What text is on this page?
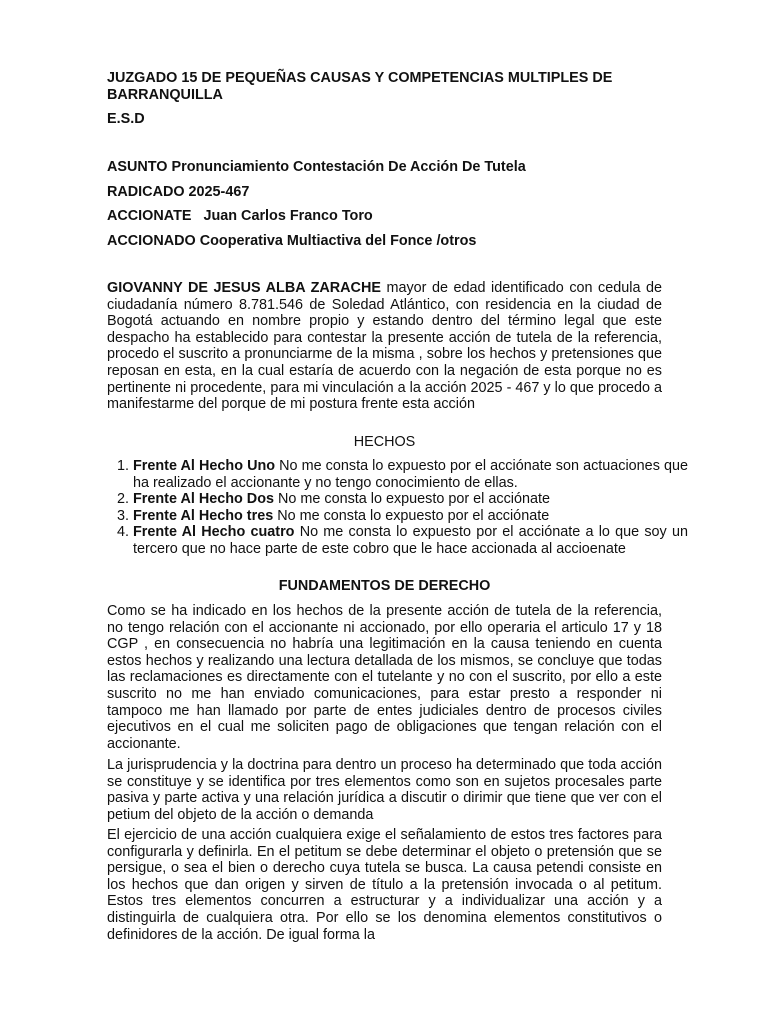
JUZGADO 15 DE PEQUEÑAS CAUSAS Y COMPETENCIAS MULTIPLES DE BARRANQUILLA
E.S.D
ASUNTO Pronunciamiento Contestación De Acción De Tutela
RADICADO 2025-467
ACCIONATE   Juan Carlos Franco Toro
ACCIONADO Cooperativa Multiactiva del Fonce /otros
GIOVANNY DE JESUS ALBA ZARACHE mayor de edad identificado con cedula de ciudadanía número 8.781.546 de Soledad Atlántico, con residencia en la ciudad de Bogotá actuando en nombre propio y estando dentro del término legal que este despacho ha establecido para contestar la presente acción de tutela de la referencia, procedo el suscrito a pronunciarme de la misma , sobre los hechos y pretensiones que reposan en esta, en la cual estaría de acuerdo con la negación de esta porque no es pertinente ni procedente, para mi vinculación a la acción 2025 - 467 y lo que procedo a manifestarme del porque de mi postura frente esta acción
HECHOS
1. Frente Al Hecho Uno No me consta lo expuesto por el acciónate son actuaciones que ha realizado el accionante y no tengo conocimiento de ellas.
2. Frente Al Hecho Dos No me consta lo expuesto por el acciónate
3. Frente Al Hecho tres No me consta lo expuesto por el acciónate
4. Frente Al Hecho cuatro No me consta lo expuesto por el acciónate a lo que soy un tercero que no hace parte de este cobro que le hace accionada al accioenate
FUNDAMENTOS DE DERECHO
Como se ha indicado en los hechos de la presente acción de tutela de la referencia, no tengo relación con el accionante ni accionado, por ello operaria el articulo 17 y 18 CGP , en consecuencia no habría una legitimación en la causa teniendo en cuenta estos hechos y realizando una lectura detallada de los mismos, se concluye que todas las reclamaciones es directamente con el tutelante y no con el suscrito, por ello a este suscrito no me han enviado comunicaciones, para estar presto a responder ni tampoco me han llamado por parte de entes judiciales dentro de procesos civiles ejecutivos en el cual me soliciten pago de obligaciones que tengan relación con el accionante.
La jurisprudencia y la doctrina para dentro un proceso ha determinado que toda acción se constituye y se identifica por tres elementos como son en sujetos procesales parte pasiva y parte activa y una relación jurídica a discutir o dirimir que tiene que ver con el petium del objeto de la acción o demanda
El ejercicio de una acción cualquiera exige el señalamiento de estos tres factores para configurarla y definirla. En el petitum se debe determinar el objeto o pretensión que se persigue, o sea el bien o derecho cuya tutela se busca. La causa petendi consiste en los hechos que dan origen y sirven de título a la pretensión invocada o al petitum. Estos tres elementos concurren a estructurar y a individualizar una acción y a distinguirla de cualquiera otra. Por ello se los denomina elementos constitutivos o definidores de la acción. De igual forma la
